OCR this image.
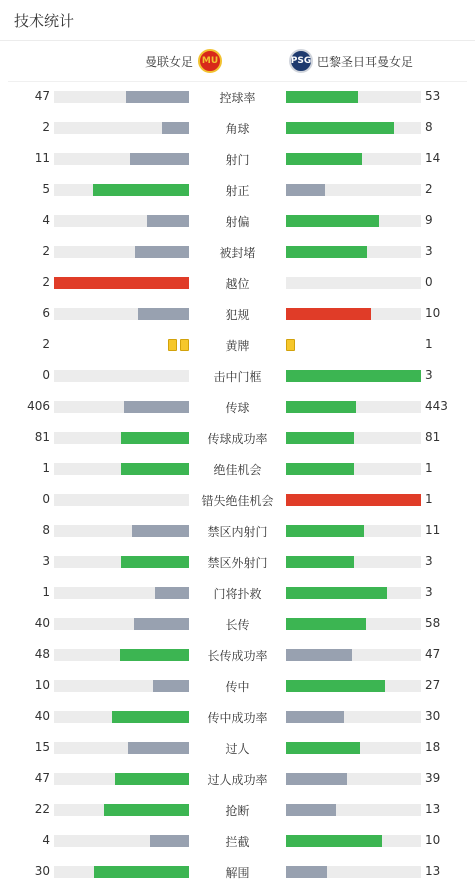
技术统计
曼联女足 MU	PSG 巴黎圣日耳曼女足
47	控球率	53
2	角球	8
11	射门	14
5	射正	2
4	射偏	9
2	被封堵	3
2	越位	0
6	犯规	10
2	黄牌	1
0	击中门框	3
406	传球	443
81	传球成功率	81
1	绝佳机会	1
0	错失绝佳机会	1
8	禁区内射门	11
3	禁区外射门	3
1	门将扑救	3
40	长传	58
48	长传成功率	47
10	传中	27
40	传中成功率	30
15	过人	18
47	过人成功率	39
22	抢断	13
4	拦截	10
30	解围	13
